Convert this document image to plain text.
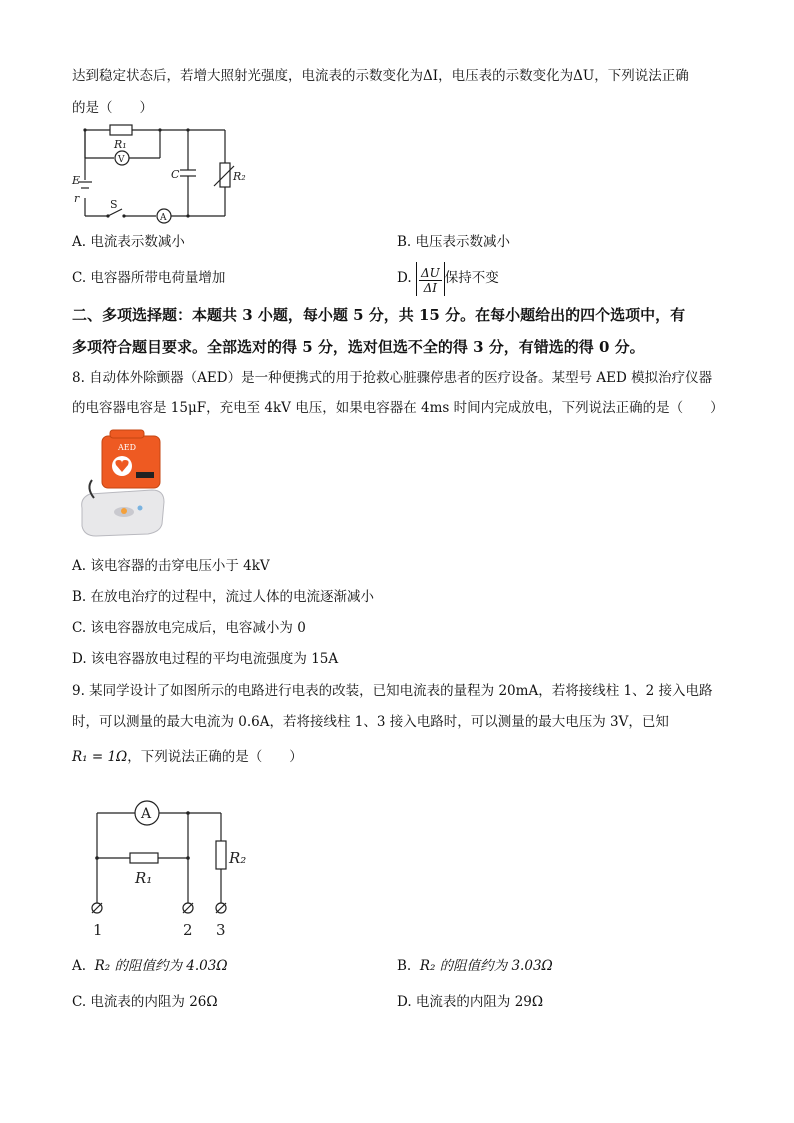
达到稳定状态后，若增大照射光强度，电流表的示数变化为ΔI，电压表的示数变化为ΔU，下列说法正确
的是（　　）
R₁
V
C	R₂
E
r	S
A
A. 电流表示数减小	B. 电压表示数减小
C. 电容器所带电荷量增加	D. $\frac{\Delta U}{\Delta I}$ 保持不变
二、多项选择题：本题共 3 小题，每小题 5 分，共 15 分。在每小题给出的四个选项中，有
多项符合题目要求。全部选对的得 5 分，选对但选不全的得 3 分，有错选的得 0 分。
8. 自动体外除颤器（AED）是一种便携式的用于抢救心脏骤停患者的医疗设备。某型号 AED 模拟治疗仪器
的电容器电容是 15μF，充电至 4kV 电压，如果电容器在 4ms 时间内完成放电，下列说法正确的是（　　）
AED
A. 该电容器的击穿电压小于 4kV
B. 在放电治疗的过程中，流过人体的电流逐渐减小
C. 该电容器放电完成后，电容减小为 0
D. 该电容器放电过程的平均电流强度为 15A
9. 某同学设计了如图所示的电路进行电表的改装，已知电流表的量程为 20mA，若将接线柱 1、2 接入电路
时，可以测量的最大电流为 0.6A，若将接线柱 1、3 接入电路时，可以测量的最大电压为 3V，已知
R₁ = 1Ω，下列说法正确的是（　　）
A
R₁
R₂
1	2 3
A. R₂ 的阻值约为 4.03Ω	B. R₂ 的阻值约为 3.03Ω
C. 电流表的内阻为 26Ω	D. 电流表的内阻为 29Ω
